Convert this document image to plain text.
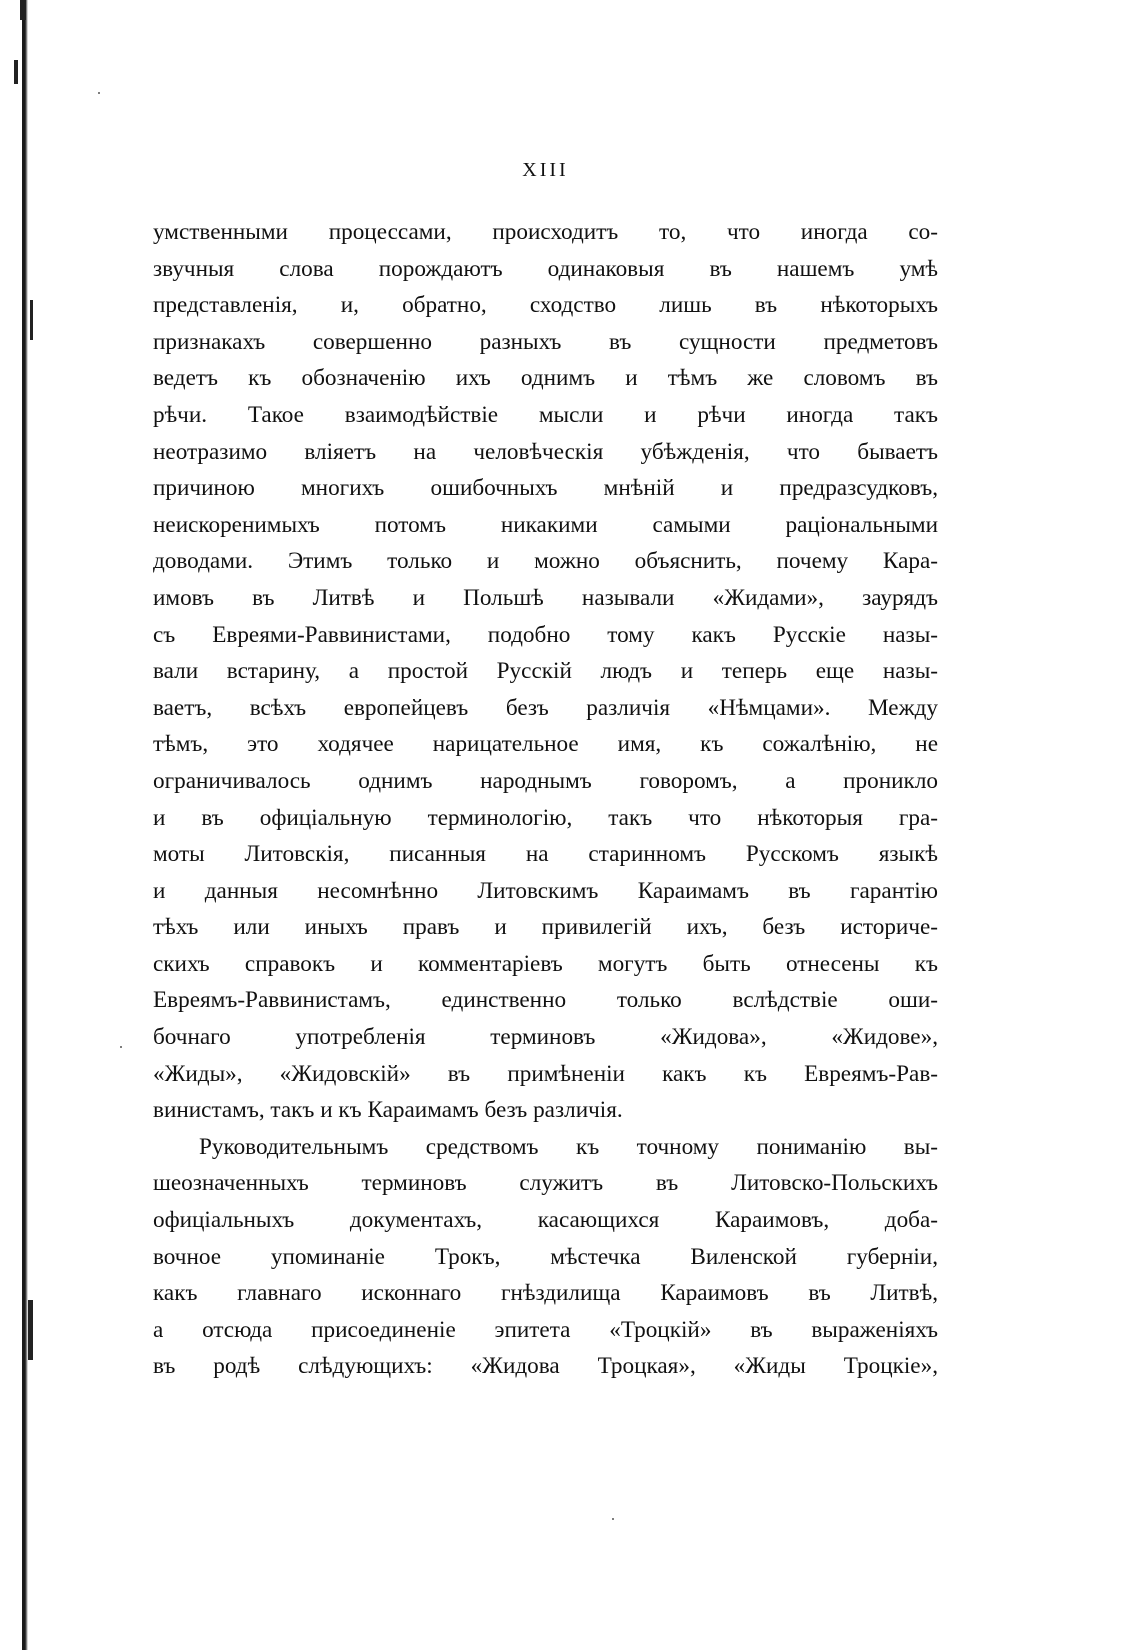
XIII
умственными процессами, происходитъ то, что иногда со-
звучныя слова порождаютъ одинаковыя въ нашемъ умѣ
представленія, и, обратно, сходство лишь въ нѣкоторыхъ
признакахъ совершенно разныхъ въ сущности предметовъ
ведетъ къ обозначенію ихъ однимъ и тѣмъ же словомъ въ
рѣчи. Такое взаимодѣйствіе мысли и рѣчи иногда такъ
неотразимо вліяетъ на человѣческія убѣжденія, что бываетъ
причиною многихъ ошибочныхъ мнѣній и предразсудковъ,
неискоренимыхъ потомъ никакими самыми раціональными
доводами. Этимъ только и можно объяснить, почему Кара-
имовъ въ Литвѣ и Польшѣ называли «Жидами», заурядъ
съ Евреями-Раввинистами, подобно тому какъ Русскіе назы-
вали встарину, а простой Русскій людъ и теперь еще назы-
ваетъ, всѣхъ европейцевъ безъ различія «Нѣмцами». Между
тѣмъ, это ходячее нарицательное имя, къ сожалѣнію, не
ограничивалось однимъ народнымъ говоромъ, а проникло
и въ офиціальную терминологію, такъ что нѣкоторыя гра-
моты Литовскія, писанныя на старинномъ Русскомъ языкѣ
и данныя несомнѣнно Литовскимъ Караимамъ въ гарантію
тѣхъ или иныхъ правъ и привилегій ихъ, безъ историче-
скихъ справокъ и комментаріевъ могутъ быть отнесены къ
Евреямъ-Раввинистамъ, единственно только вслѣдствіе оши-
бочнаго употребленія терминовъ «Жидова», «Жидове»,
«Жиды», «Жидовскій» въ примѣненіи какъ къ Евреямъ-Рав-
винистамъ, такъ и къ Караимамъ безъ различія.
Руководительнымъ средствомъ къ точному пониманію вы-
шеозначенныхъ терминовъ служитъ въ Литовско-Польскихъ
офиціальныхъ документахъ, касающихся Караимовъ, доба-
вочное упоминаніе Трокъ, мѣстечка Виленской губерніи,
какъ главнаго исконнаго гнѣздилища Караимовъ въ Литвѣ,
а отсюда присоединеніе эпитета «Троцкій» въ выраженіяхъ
въ родѣ слѣдующихъ: «Жидова Троцкая», «Жиды Троцкіе»,
